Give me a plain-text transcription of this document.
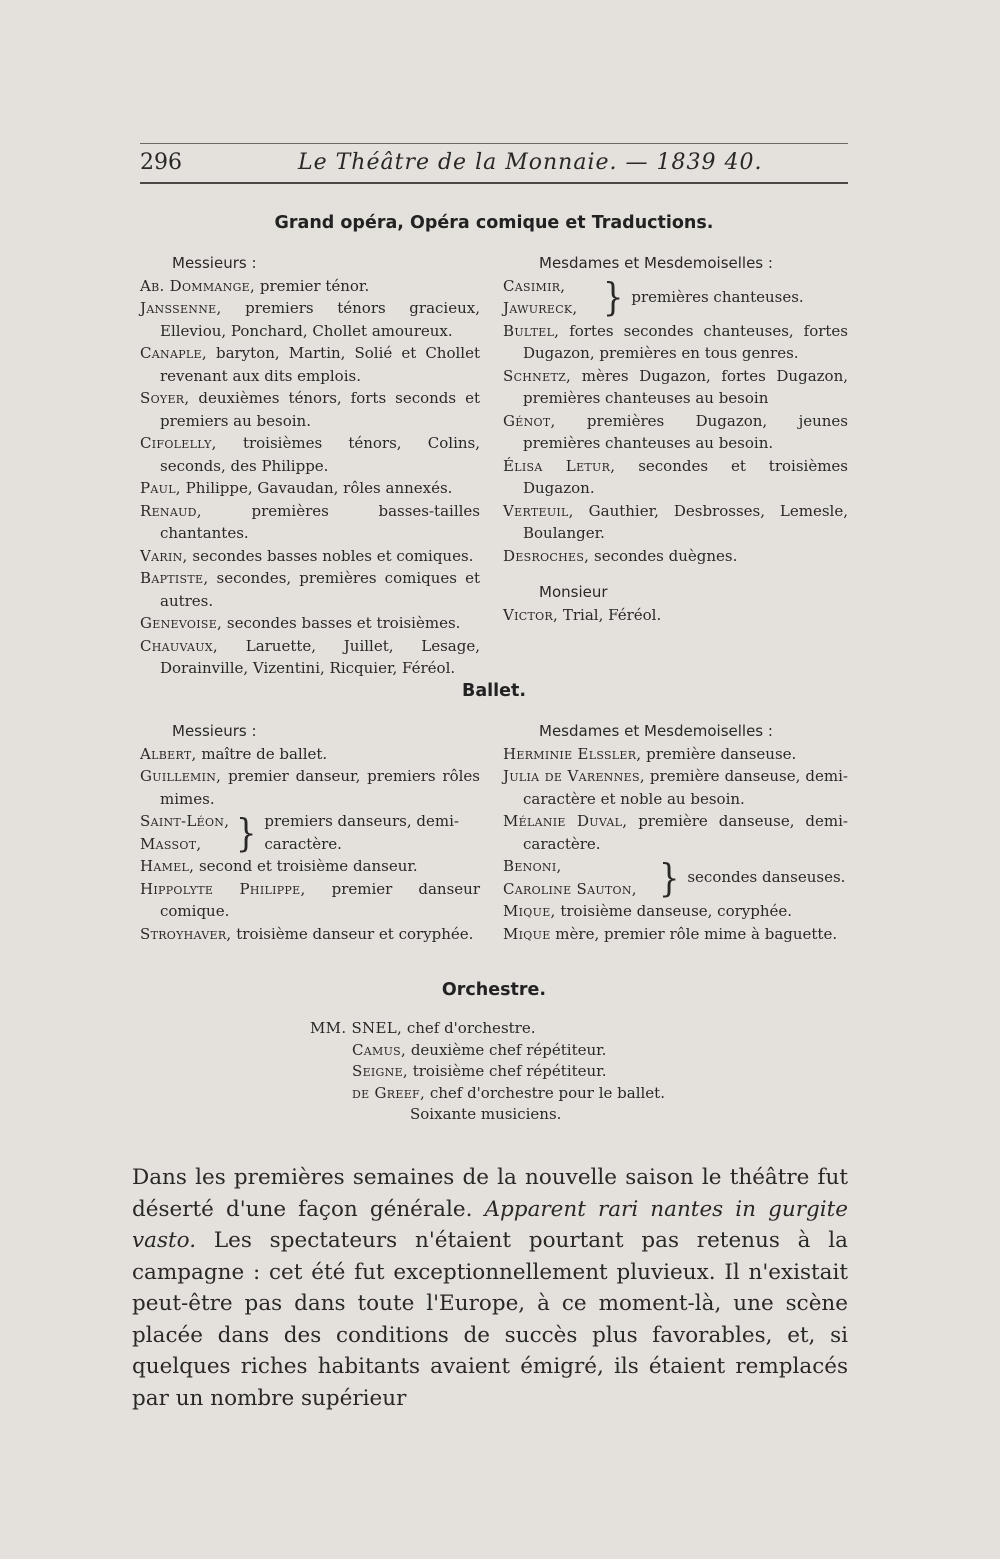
296	Le Théâtre de la Monnaie. — 1839 40.
Grand opéra, Opéra comique et Traductions.
Messieurs :

Ab. Dommange, premier ténor.

Janssenne, premiers ténors gracieux, Elleviou, Ponchard, Chollet amoureux.

Canaple, baryton, Martin, Solié et Chollet revenant aux dits emplois.

Soyer, deuxièmes ténors, forts seconds et premiers au besoin.

Cifolelly, troisièmes ténors, Colins, seconds, des Philippe.

Paul, Philippe, Gavaudan, rôles annexés.

Renaud, premières basses-tailles chantantes.

Varin, secondes basses nobles et comiques.

Baptiste, secondes, premières comiques et autres.

Genevoise, secondes basses et troisièmes.

Chauvaux, Laruette, Juillet, Lesage, Dorainville, Vizentini, Ricquier, Féréol.

Mesdames et Mesdemoiselles :
Casimir,
Jawureck, } premières chanteuses.

Bultel, fortes secondes chanteuses, fortes Dugazon, premières en tous genres.

Schnetz, mères Dugazon, fortes Dugazon, premières chanteuses au besoin

Génot, premières Dugazon, jeunes premières chanteuses au besoin.

Élisa Letur, secondes et troisièmes Dugazon.

Verteuil, Gauthier, Desbrosses, Lemesle, Boulanger.

Desroches, secondes duègnes.

Monsieur

Victor, Trial, Féréol.

Ballet.
Messieurs :

Albert, maître de ballet.

Guillemin, premier danseur, premiers rôles mimes.

Saint-Léon,
Massot,	} premiers danseurs, demi-
caractère.

Hamel, second et troisième danseur.

Hippolyte Philippe, premier danseur comique.

Stroyhaver, troisième danseur et coryphée.

Mesdames et Mesdemoiselles :

Herminie Elssler, première danseuse.

Julia de Varennes, première danseuse, demi-caractère et noble au besoin.

Mélanie Duval, première danseuse, demi-caractère.

Benoni,
Caroline Sauton, } secondes danseuses.

Mique, troisième danseuse, coryphée.

Mique mère, premier rôle mime à baguette.

Orchestre.

MM. SNEL, chef d'orchestre.

Camus, deuxième chef répétiteur.

Seigne, troisième chef répétiteur.

de Greef, chef d'orchestre pour le ballet.

Soixante musiciens.

Dans les premières semaines de la nouvelle saison le théâtre fut déserté d'une façon générale. Apparent rari nantes in gurgite vasto. Les spectateurs n'étaient pourtant pas retenus à la campagne : cet été fut exceptionnellement pluvieux. Il n'existait peut-être pas dans toute l'Europe, à ce moment-là, une scène placée dans des conditions de succès plus favorables, et, si quelques riches habitants avaient émigré, ils étaient remplacés par un nombre supérieur
